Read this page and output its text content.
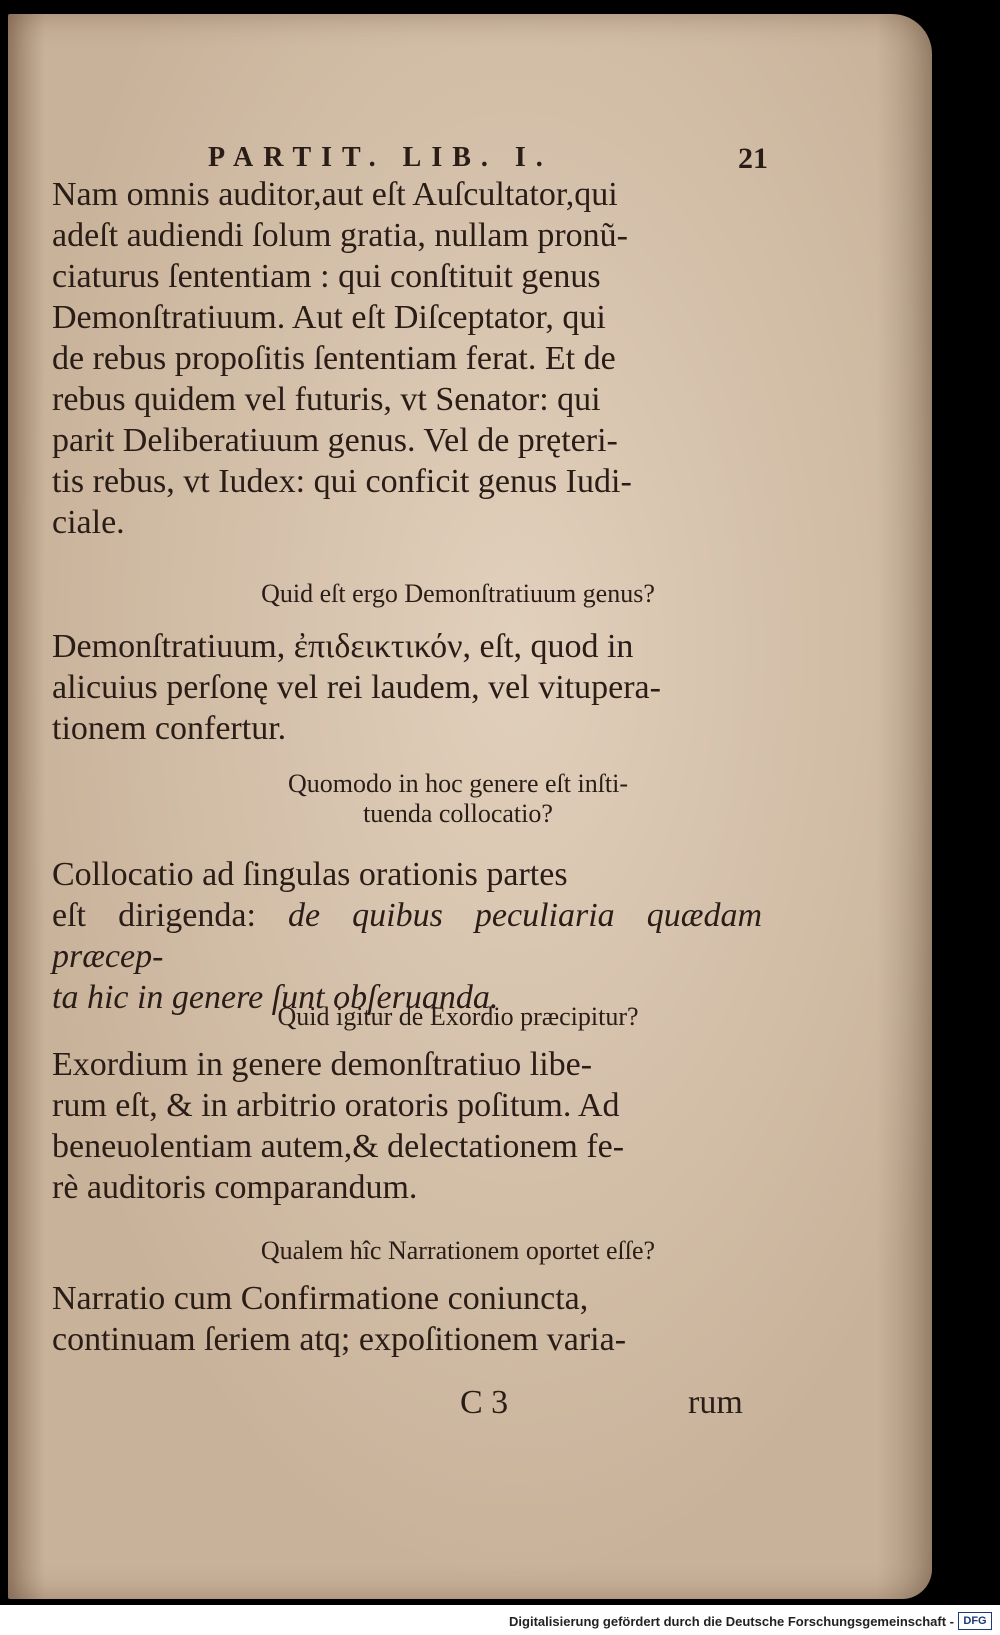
PARTIT. LIB. I.	21
Nam omnis auditor,aut eſt Auſcultator,qui
adeſt audiendi ſolum gratia, nullam pronũ-
ciaturus ſententiam : qui conſtituit genus
Demonſtratiuum. Aut eſt Diſceptator, qui
de rebus propoſitis ſententiam ferat. Et de
rebus quidem vel futuris, vt Senator: qui
parit Deliberatiuum genus. Vel de pręteri-
tis rebus, vt Iudex: qui conficit genus Iudi-
ciale.
Quid eſt ergo Demonſtratiuum genus?
Demonſtratiuum, ἐπιδεικτικόν, eſt, quod in
alicuius perſonę vel rei laudem, vel vitupera-
tionem confertur.
Quomodo in hoc genere eſt inſti-
tuenda collocatio?
Collocatio ad ſingulas orationis partes
eſt dirigenda: de quibus peculiaria quædam præcep-
ta hic in genere ſunt obſeruanda.
Quid igitur de Exordio præcipitur?
Exordium in genere demonſtratiuo libe-
rum eſt, & in arbitrio oratoris poſitum. Ad
beneuolentiam autem,& delectationem fe-
rè auditoris comparandum.
Qualem hîc Narrationem oportet eſſe?
Narratio cum Confirmatione coniuncta,
continuam ſeriem atq; expoſitionem varia-
C 3	rum
Digitalisierung gefördert durch die Deutsche Forschungsgemeinschaft - DFG
